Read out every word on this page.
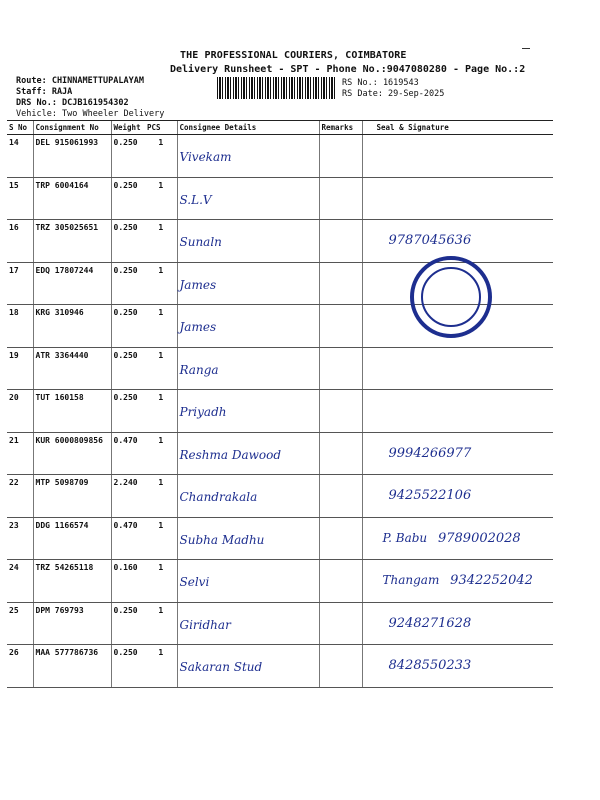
THE PROFESSIONAL COURIERS, COIMBATORE
Delivery Runsheet - SPT - Phone No.:9047080280 - Page No.:2
Route: CHINNAMETTUPALAYAM
Staff: RAJA
DRS No.: DCJB161954302
Vehicle: Two Wheeler Delivery
RS No.: 1619543
RS Date: 29-Sep-2025
S No	Consignment No	Weight	PCS	Consignee Details	Remarks	Seal & Signature
14	DEL 915061993	0.250	1	Vivekam		
15	TRP 6004164	0.250	1	S.L.V		
16	TRZ 305025651	0.250	1	Sunaln		9787045636
17	EDQ 17807244	0.250	1	James		
18	KRG 310946	0.250	1	James		
19	ATR 3364440	0.250	1	Ranga		
20	TUT 160158	0.250	1	Priyadh		
21	KUR 6000809856	0.470	1	Reshma Dawood		9994266977
22	MTP 5098709	2.240	1	Chandrakala		9425522106
23	DDG 1166574	0.470	1	Subha Madhu		P. Babu 9789002028
24	TRZ 54265118	0.160	1	Selvi		Thangam 9342252042
25	DPM 769793	0.250	1	Giridhar		9248271628
26	MAA 577786736	0.250	1	Sakaran Stud		8428550233
